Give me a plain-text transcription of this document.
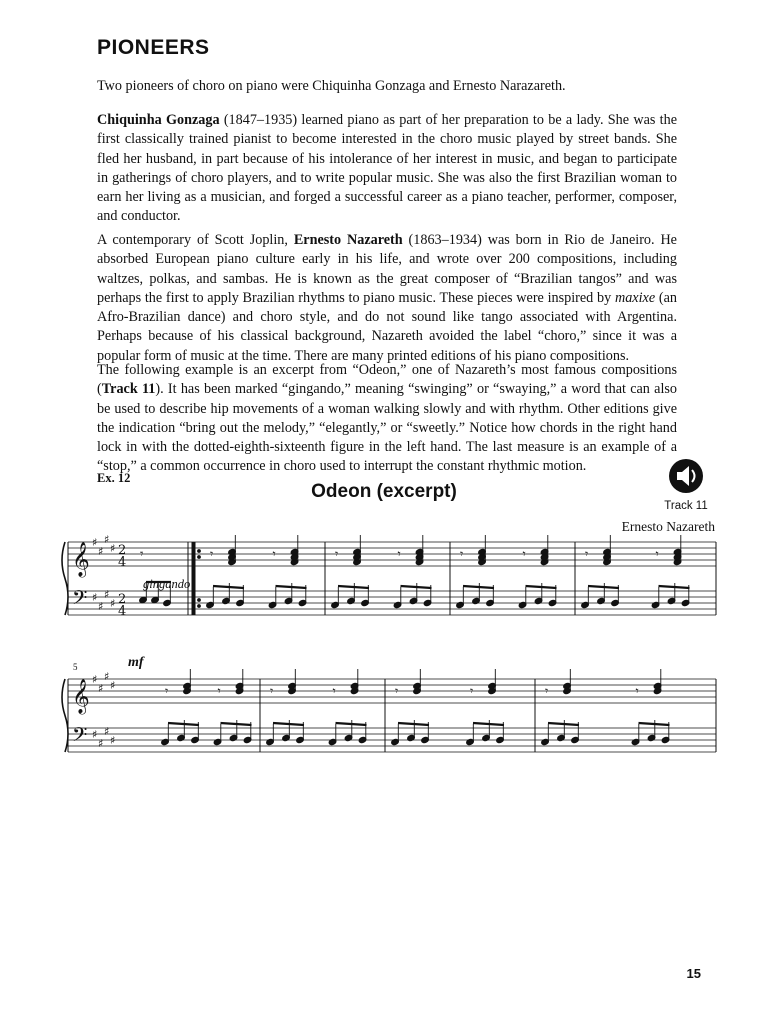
PIONEERS

Two pioneers of choro on piano were Chiquinha Gonzaga and Ernesto Narazareth.

Chiquinha Gonzaga (1847–1935) learned piano as part of her preparation to be a lady. She was the first classically trained pianist to become interested in the choro music played by street bands. She fled her husband, in part because of his intolerance of her interest in music, and began to participate in gatherings of choro players, and to write popular music. She was also the first Brazilian woman to earn her living as a musician, and forged a successful career as a piano teacher, performer, composer, and conductor.

A contemporary of Scott Joplin, Ernesto Nazareth (1863–1934) was born in Rio de Janeiro. He absorbed European piano culture early in his life, and wrote over 200 compositions, including waltzes, polkas, and sambas. He is known as the great composer of “Brazilian tangos” and was perhaps the first to apply Brazilian rhythms to piano music. These pieces were inspired by maxixe (an Afro-Brazilian dance) and choro style, and do not sound like tango associated with Argentina. Perhaps because of his classical background, Nazareth avoided the label “choro,” since it was a popular form of music at the time. There are many printed editions of his piano compositions.

The following example is an excerpt from “Odeon,” one of Nazareth’s most famous compositions (Track 11). It has been marked “gingando,” meaning “swinging” or “swaying,” a word that can also be used to describe hip movements of a woman walking slowly and with rhythm. Other editions give the indication “bring out the melody,” “elegantly,” or “sweetly.” Notice how chords in the right hand lock in with the dotted-eighth-sixteenth figure in the left hand. The last measure is an example of a “stop,” a common occurrence in choro used to interrupt the constant rhythmic motion.

Ex. 12
Odeon (excerpt)
Track 11
Ernesto Nazareth
gingando
mf
5
𝄞
𝄢
♯
♯
♯
♯
♯
♯
♯
♯
2
4
2
4
𝄾	𝄾	𝄾	𝄾	𝄾	𝄾	𝄾	𝄾	𝄾
𝄞
𝄢
♯
♯
♯
♯
♯
♯
♯
♯
𝄾	𝄾	𝄾	𝄾	𝄾	𝄾	𝄾	𝄾
15
